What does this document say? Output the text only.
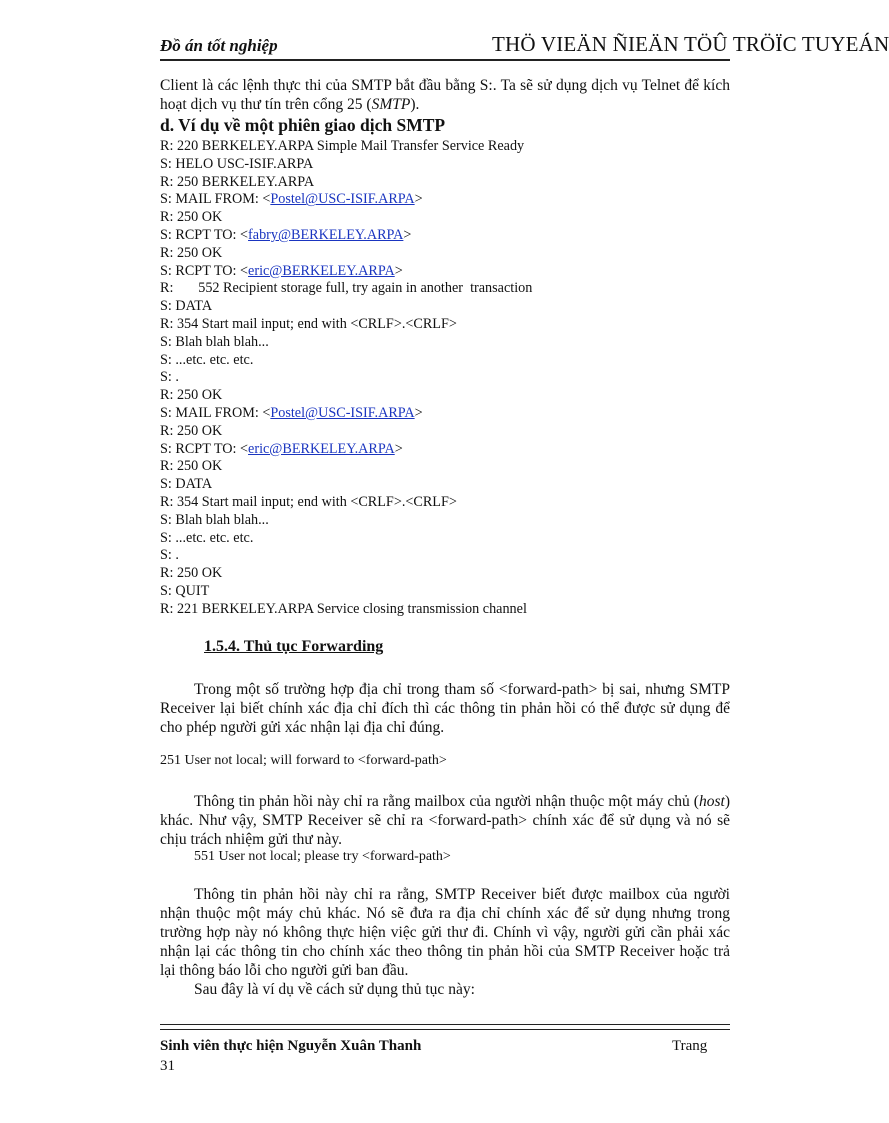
Đồ án tốt nghiệp	THÖ VIEÄN ÑIEÄN TÖÛ TRÖÏC TUYEÁN
Client là các lệnh thực thi của SMTP bắt đầu bằng S:. Ta sẽ sử dụng dịch vụ Telnet để kích hoạt dịch vụ thư tín trên cổng 25 (SMTP).
d. Ví dụ về một phiên giao dịch SMTP
R: 220 BERKELEY.ARPA Simple Mail Transfer Service Ready
S: HELO USC-ISIF.ARPA
R: 250 BERKELEY.ARPA
S: MAIL FROM: <Postel@USC-ISIF.ARPA>
R: 250 OK
S: RCPT TO: <fabry@BERKELEY.ARPA>
R: 250 OK
S: RCPT TO: <eric@BERKELEY.ARPA>
R:       552 Recipient storage full, try again in another  transaction
S: DATA
R: 354 Start mail input; end with <CRLF>.<CRLF>
S: Blah blah blah...
S: ...etc. etc. etc.
S: .
R: 250 OK
S: MAIL FROM: <Postel@USC-ISIF.ARPA>
R: 250 OK
S: RCPT TO: <eric@BERKELEY.ARPA>
R: 250 OK
S: DATA
R: 354 Start mail input; end with <CRLF>.<CRLF>
S: Blah blah blah...
S: ...etc. etc. etc.
S: .
R: 250 OK
S: QUIT
R: 221 BERKELEY.ARPA Service closing transmission channel
1.5.4. Thủ tục Forwarding
Trong một số trường hợp địa chỉ trong tham số <forward-path> bị sai, nhưng SMTP Receiver lại biết chính xác địa chỉ đích thì các thông tin phản hồi có thể được sử dụng để cho phép người gửi xác nhận lại địa chỉ đúng.
251 User not local; will forward to <forward-path>
Thông tin phản hồi này chỉ ra rằng mailbox của người nhận thuộc một máy chủ (host) khác. Như vậy, SMTP Receiver sẽ chỉ ra <forward-path> chính xác để sử dụng và nó sẽ chịu trách nhiệm gửi thư này.
551 User not local; please try <forward-path>
Thông tin phản hồi này chỉ ra rằng, SMTP Receiver biết được mailbox của người nhận thuộc một máy chủ khác. Nó sẽ đưa ra địa chỉ chính xác để sử dụng nhưng trong trường hợp này nó không thực hiện việc gửi thư đi. Chính vì vậy, người gửi cần phải xác nhận lại các thông tin cho chính xác theo thông tin phản hồi của SMTP Receiver hoặc trả lại thông báo lỗi cho người gửi ban đầu.
Sau đây là ví dụ về cách sử dụng thủ tục này:
Sinh viên thực hiện Nguyễn Xuân Thanh	Trang
31
